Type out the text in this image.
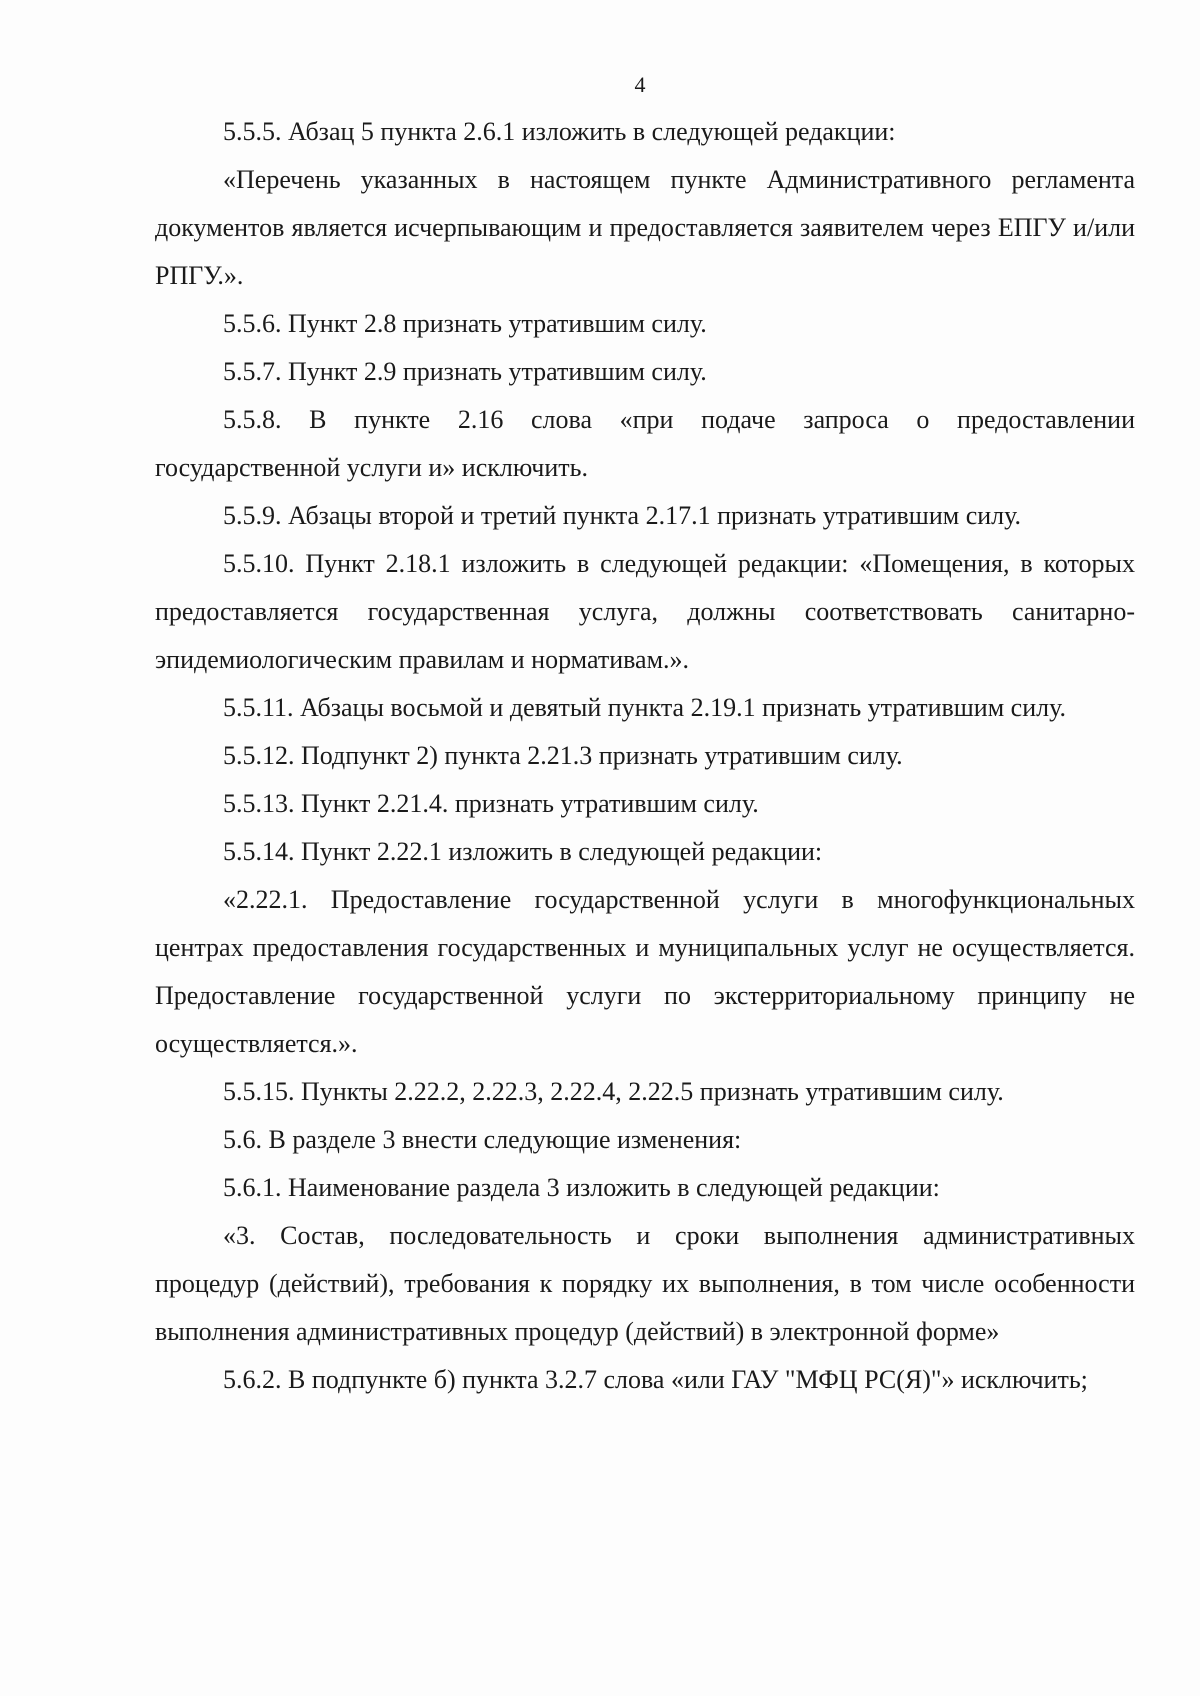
4

5.5.5. Абзац 5 пункта 2.6.1 изложить в следующей редакции:

«Перечень указанных в настоящем пункте Административного регламента документов является исчерпывающим и предоставляется заявителем через ЕПГУ и/или РПГУ.».

5.5.6. Пункт 2.8 признать утратившим силу.

5.5.7. Пункт 2.9 признать утратившим силу.

5.5.8. В пункте 2.16 слова «при подаче запроса о предоставлении государственной услуги и» исключить.

5.5.9. Абзацы второй и третий пункта 2.17.1 признать утратившим силу.

5.5.10. Пункт 2.18.1 изложить в следующей редакции: «Помещения, в которых предоставляется государственная услуга, должны соответствовать санитарно-эпидемиологическим правилам и нормативам.».

5.5.11. Абзацы восьмой и девятый пункта 2.19.1 признать утратившим силу.

5.5.12. Подпункт 2) пункта 2.21.3 признать утратившим силу.

5.5.13. Пункт 2.21.4. признать утратившим силу.

5.5.14. Пункт 2.22.1 изложить в следующей редакции:

«2.22.1. Предоставление государственной услуги в многофункциональных центрах предоставления государственных и муниципальных услуг не осуществляется. Предоставление государственной услуги по экстерриториальному принципу не осуществляется.».

5.5.15. Пункты 2.22.2, 2.22.3, 2.22.4, 2.22.5 признать утратившим силу.

5.6. В разделе 3 внести следующие изменения:

5.6.1. Наименование раздела 3 изложить в следующей редакции:

«3. Состав, последовательность и сроки выполнения административных процедур (действий), требования к порядку их выполнения, в том числе особенности выполнения административных процедур (действий) в электронной форме»

5.6.2. В подпункте б) пункта 3.2.7 слова «или ГАУ "МФЦ РС(Я)"» исключить;
